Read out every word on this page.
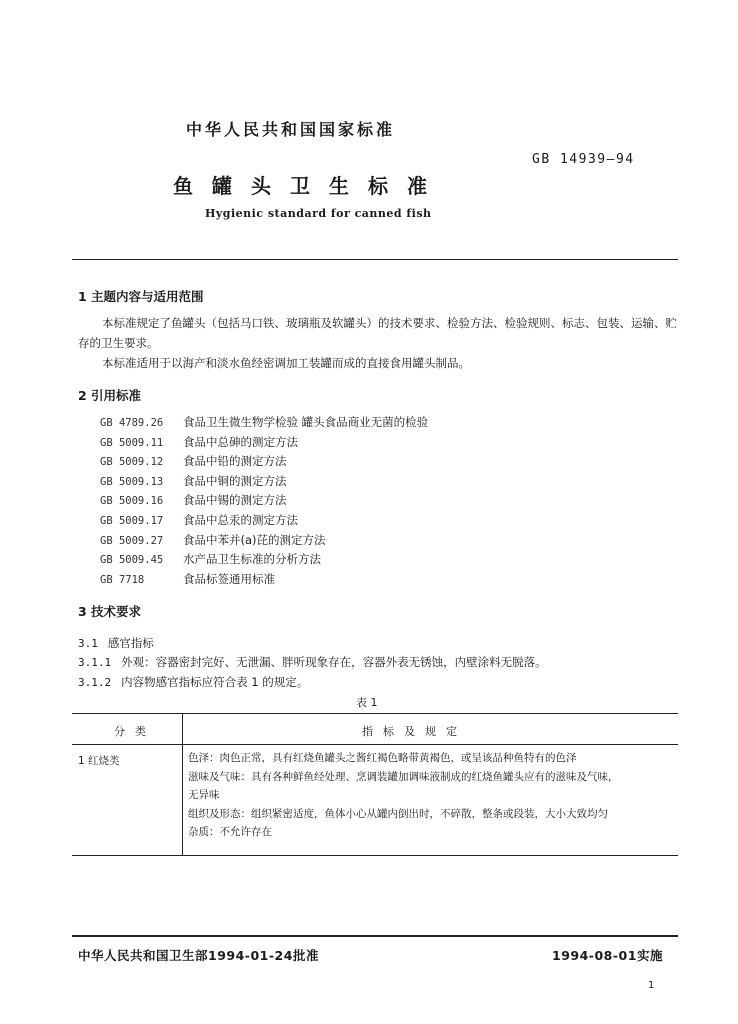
中华人民共和国国家标准
GB 14939—94
鱼罐头卫生标准
Hygienic standard for canned fish
1 主题内容与适用范围
本标准规定了鱼罐头（包括马口铁、玻璃瓶及软罐头）的技术要求、检验方法、检验规则、标志、包装、运输、贮存的卫生要求。
本标准适用于以海产和淡水鱼经密调加工装罐而成的直接食用罐头制品。
2 引用标准
GB 4789.26 食品卫生微生物学检验 罐头食品商业无菌的检验
GB 5009.11 食品中总砷的测定方法
GB 5009.12 食品中铅的测定方法
GB 5009.13 食品中铜的测定方法
GB 5009.16 食品中锡的测定方法
GB 5009.17 食品中总汞的测定方法
GB 5009.27 食品中苯并(a)芘的测定方法
GB 5009.45 水产品卫生标准的分析方法
GB 7718	食品标签通用标准
3 技术要求
3.1 感官指标
3.1.1 外观：容器密封完好、无泄漏、胖听现象存在，容器外表无锈蚀，内壁涂料无脱落。
3.1.2 内容物感官指标应符合表 1 的规定。
表 1
分类	指标及规定
1 红烧类	色泽：肉色正常，具有红烧鱼罐头之酱红褐色略带黄褐色，或呈该品种鱼特有的色泽
滋味及气味：具有各种鲜鱼经处理、烹调装罐加调味液制成的红烧鱼罐头应有的滋味及气味，
无异味
组织及形态：组织紧密适度，鱼体小心从罐内倒出时，不碎散，整条或段装，大小大致均匀
杂质：不允许存在
中华人民共和国卫生部1994-01-24批准	1994-08-01实施
1
